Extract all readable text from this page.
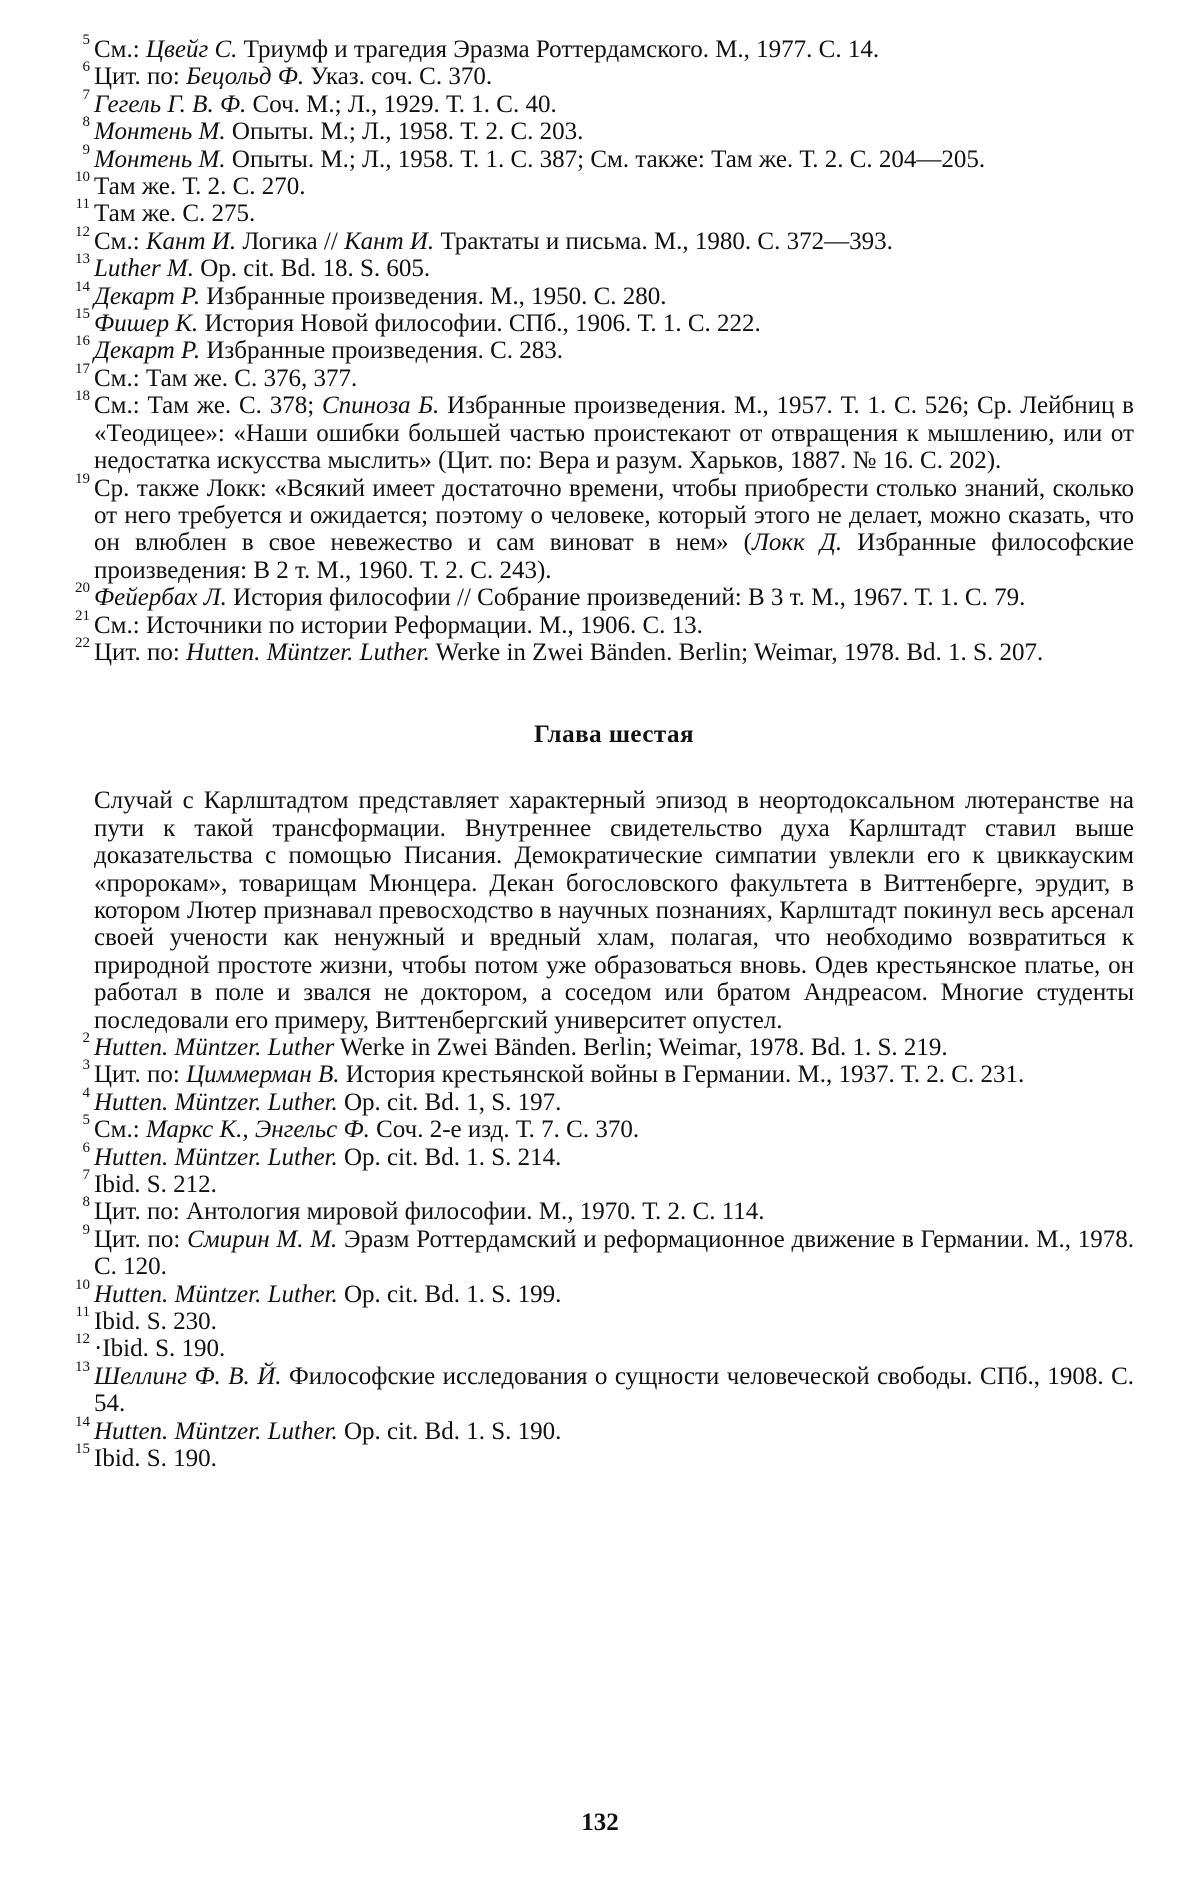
5 См.: Цвейг С. Триумф и трагедия Эразма Роттердамского. М., 1977. С. 14.
6 Цит. по: Бецольд Ф. Указ. соч. С. 370.
7 Гегель Г. В. Ф. Соч. М.; Л., 1929. Т. 1. С. 40.
8 Монтень М. Опыты. М.; Л., 1958. Т. 2. С. 203.
9 Монтень М. Опыты. М.; Л., 1958. Т. 1. С. 387; См. также: Там же. Т. 2. С. 204—205.
10 Там же. Т. 2. С. 270.
11 Там же. С. 275.
12 См.: Кант И. Логика // Кант И. Трактаты и письма. М., 1980. С. 372—393.
13 Luther M. Op. cit. Bd. 18. S. 605.
14 Декарт Р. Избранные произведения. М., 1950. С. 280.
15 Фишер К. История Новой философии. СПб., 1906. Т. 1. С. 222.
16 Декарт Р. Избранные произведения. С. 283.
17 См.: Там же. С. 376, 377.
18 См.: Там же. С. 378; Спиноза Б. Избранные произведения. М., 1957. Т. 1. С. 526; Ср. Лейбниц в «Теодицее»: «Наши ошибки большей частью проистекают от отвращения к мышлению, или от недостатка искусства мыслить» (Цит. по: Вера и разум. Харьков, 1887. № 16. С. 202).
19 Ср. также Локк: «Всякий имеет достаточно времени, чтобы приобрести столько знаний, сколько от него требуется и ожидается; поэтому о человеке, который этого не делает, можно сказать, что он влюблен в свое невежество и сам виноват в нем» (Локк Д. Избранные философские произведения: В 2 т. М., 1960. Т. 2. С. 243).
20 Фейербах Л. История философии // Собрание произведений: В 3 т. М., 1967. Т. 1. С. 79.
21 См.: Источники по истории Реформации. М., 1906. С. 13.
22 Цит. по: Hutten. Müntzer. Luther. Werke in Zwei Bänden. Berlin; Weimar, 1978. Bd. 1. S. 207.
Глава шестая

Случай с Карлштадтом представляет характерный эпизод в неортодоксальном лютеранстве на пути к такой трансформации. Внутреннее свидетельство духа Карлштадт ставил выше доказательства с помощью Писания. Демократические симпатии увлекли его к цвиккауским «пророкам», товарищам Мюнцера. Декан богословского факультета в Виттенберге, эрудит, в котором Лютер признавал превосходство в научных познаниях, Карлштадт покинул весь арсенал своей учености как ненужный и вредный хлам, полагая, что необходимо возвратиться к природной простоте жизни, чтобы потом уже образоваться вновь. Одев крестьянское платье, он работал в поле и звался не доктором, а соседом или братом Андреасом. Многие студенты последовали его примеру, Виттенбергский университет опустел.

2 Hutten. Müntzer. Luther Werke in Zwei Bänden. Berlin; Weimar, 1978. Bd. 1. S. 219.
3 Цит. по: Циммерман В. История крестьянской войны в Германии. М., 1937. Т. 2. С. 231.
4 Hutten. Müntzer. Luther. Op. cit. Bd. 1, S. 197.
5 См.: Маркс К., Энгельс Ф. Соч. 2-е изд. Т. 7. С. 370.
6 Hutten. Müntzer. Luther. Op. cit. Bd. 1. S. 214.
7 Ibid. S. 212.
8 Цит. по: Антология мировой философии. М., 1970. Т. 2. С. 114.
9 Цит. по: Смирин М. М. Эразм Роттердамский и реформационное движение в Германии. М., 1978. С. 120.
10 Hutten. Müntzer. Luther. Op. cit. Bd. 1. S. 199.
11 Ibid. S. 230.
12 ·Ibid. S. 190.
13 Шеллинг Ф. В. Й. Философские исследования о сущности человеческой свободы. СПб., 1908. С. 54.
14 Hutten. Müntzer. Luther. Op. cit. Bd. 1. S. 190.
15 Ibid. S. 190.
132
